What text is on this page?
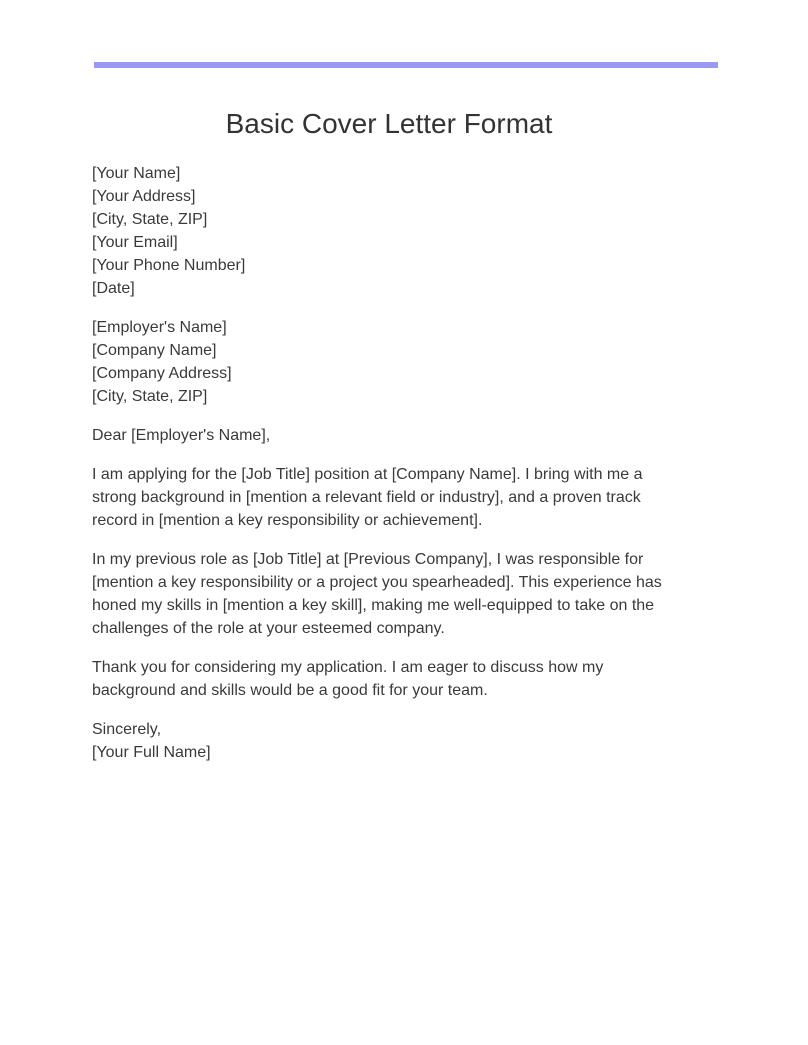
Basic Cover Letter Format
[Your Name]
[Your Address]
[City, State, ZIP]
[Your Email]
[Your Phone Number]
[Date]
[Employer's Name]
[Company Name]
[Company Address]
[City, State, ZIP]
Dear [Employer's Name],
I am applying for the [Job Title] position at [Company Name]. I bring with me a
strong background in [mention a relevant field or industry], and a proven track
record in [mention a key responsibility or achievement].
In my previous role as [Job Title] at [Previous Company], I was responsible for
[mention a key responsibility or a project you spearheaded]. This experience has
honed my skills in [mention a key skill], making me well-equipped to take on the
challenges of the role at your esteemed company.
Thank you for considering my application. I am eager to discuss how my
background and skills would be a good fit for your team.
Sincerely,
[Your Full Name]
